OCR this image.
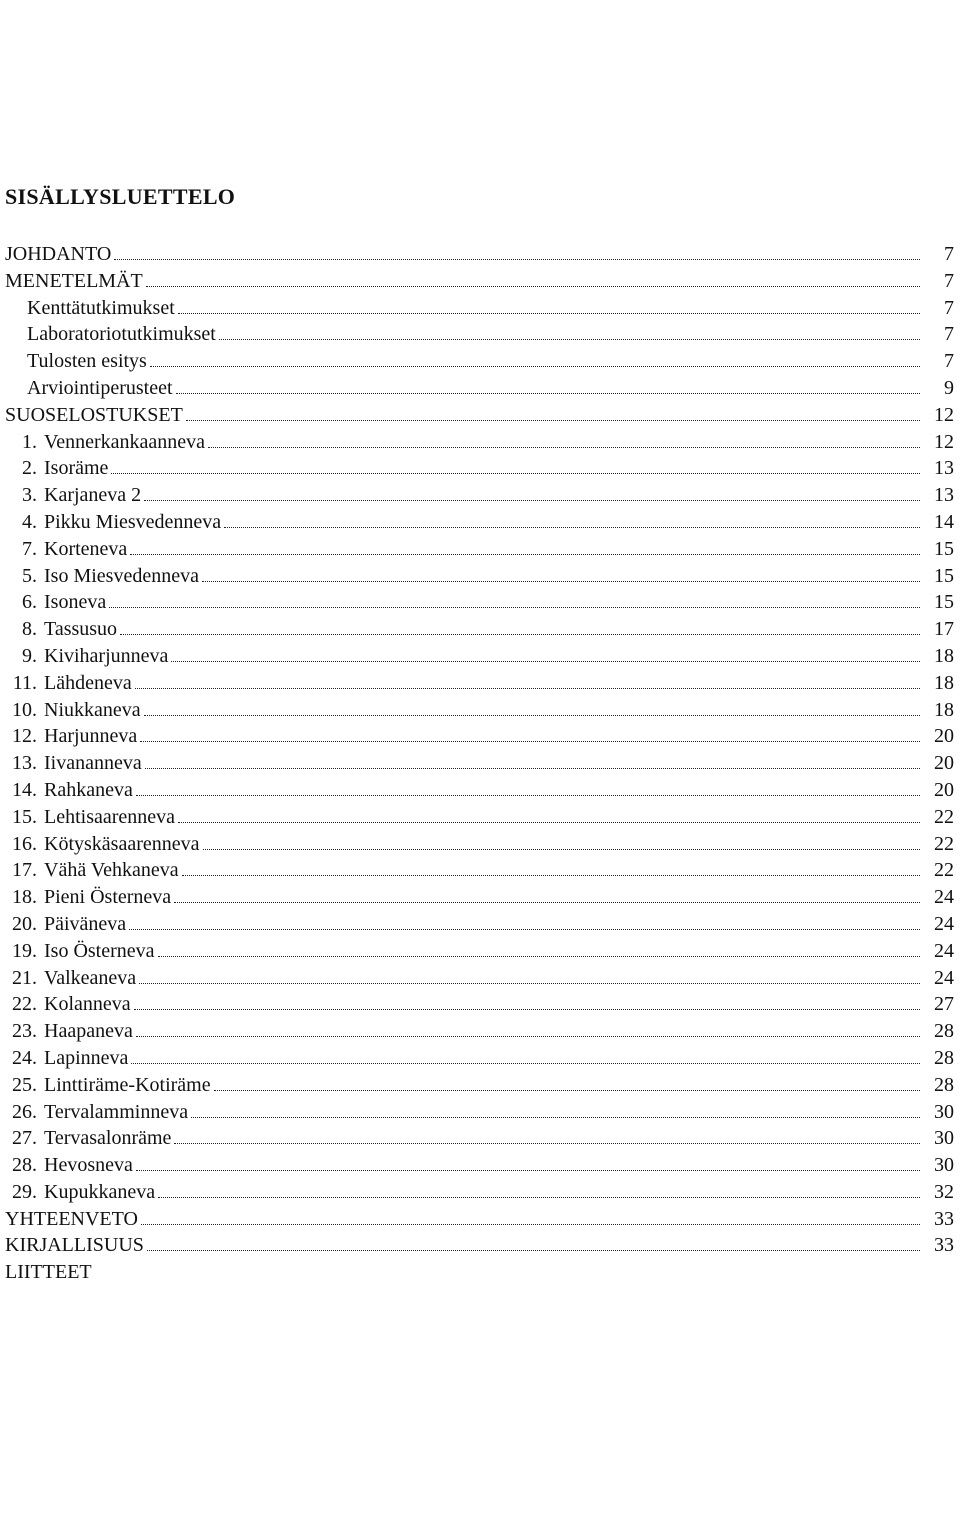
SISÄLLYSLUETTELO
JOHDANTO	7
MENETELMÄT	7
Kenttätutkimukset	7
Laboratoriotutkimukset	7
Tulosten esitys	7
Arviointiperusteet	9
SUOSELOSTUKSET	12
1. Vennerkankaanneva	12
2. Isoräme	13
3. Karjaneva 2	13
4. Pikku Miesvedenneva	14
7. Korteneva	15
5. Iso Miesvedenneva	15
6. Isoneva	15
8. Tassusuo	17
9. Kiviharjunneva	18
11. Lähdeneva	18
10. Niukkaneva	18
12. Harjunneva	20
13. Iivananneva	20
14. Rahkaneva	20
15. Lehtisaarenneva	22
16. Kötyskäsaarenneva	22
17. Vähä Vehkaneva	22
18. Pieni Österneva	24
20. Päiväneva	24
19. Iso Österneva	24
21. Valkeaneva	24
22. Kolanneva	27
23. Haapaneva	28
24. Lapinneva	28
25. Linttiräme-Kotiräme	28
26. Tervalamminneva	30
27. Tervasalonräme	30
28. Hevosneva	30
29. Kupukkaneva	32
YHTEENVETO	33
KIRJALLISUUS	33
LIITTEET
